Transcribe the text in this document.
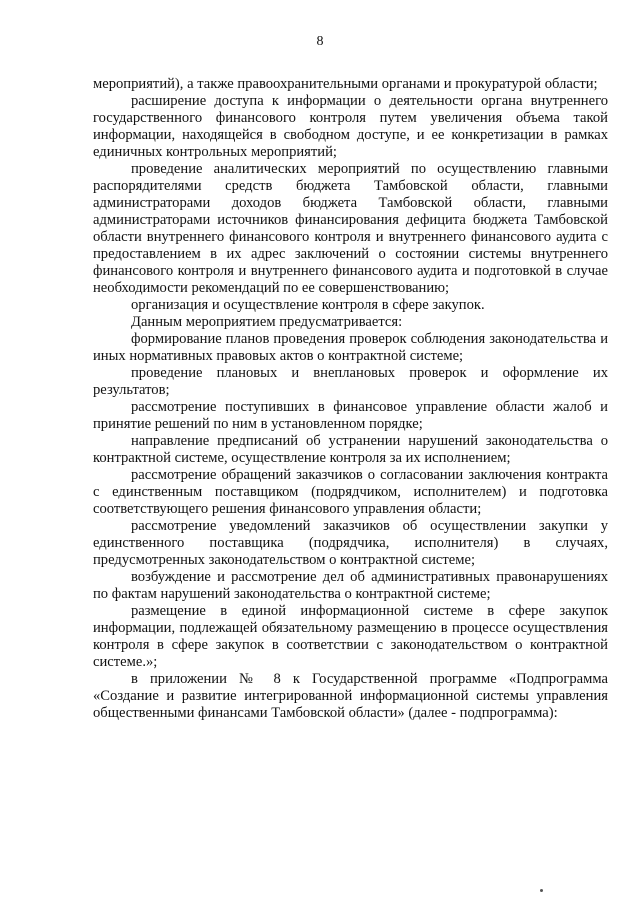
8

мероприятий), а также правоохранительными органами и прокуратурой области;

расширение доступа к информации о деятельности органа внутреннего государственного финансового контроля путем увеличения объема такой информации, находящейся в свободном доступе, и ее конкретизации в рамках единичных контрольных мероприятий;

проведение аналитических мероприятий по осуществлению главными распорядителями средств бюджета Тамбовской области, главными администраторами доходов бюджета Тамбовской области, главными администраторами источников финансирования дефицита бюджета Тамбовской области внутреннего финансового контроля и внутреннего финансового аудита с предоставлением в их адрес заключений о состоянии системы внутреннего финансового контроля и внутреннего финансового аудита и подготовкой в случае необходимости рекомендаций по ее совершенствованию;

организация и осуществление контроля в сфере закупок.

Данным мероприятием предусматривается:

формирование планов проведения проверок соблюдения законодательства и иных нормативных правовых актов о контрактной системе;

проведение плановых и внеплановых проверок и оформление их результатов;

рассмотрение поступивших в финансовое управление области жалоб и принятие решений по ним в установленном порядке;

направление предписаний об устранении нарушений законодательства о контрактной системе, осуществление контроля за их исполнением;

рассмотрение обращений заказчиков о согласовании заключения контракта с единственным поставщиком (подрядчиком, исполнителем) и подготовка соответствующего решения финансового управления области;

рассмотрение уведомлений заказчиков об осуществлении закупки у единственного поставщика (подрядчика, исполнителя) в случаях, предусмотренных законодательством о контрактной системе;

возбуждение и рассмотрение дел об административных правонарушениях по фактам нарушений законодательства о контрактной системе;

размещение в единой информационной системе в сфере закупок информации, подлежащей обязательному размещению в процессе осуществления контроля в сфере закупок в соответствии с законодательством о контрактной системе.»;

в приложении № 8 к Государственной программе «Подпрограмма «Создание и развитие интегрированной информационной системы управления общественными финансами Тамбовской области» (далее - подпрограмма):
